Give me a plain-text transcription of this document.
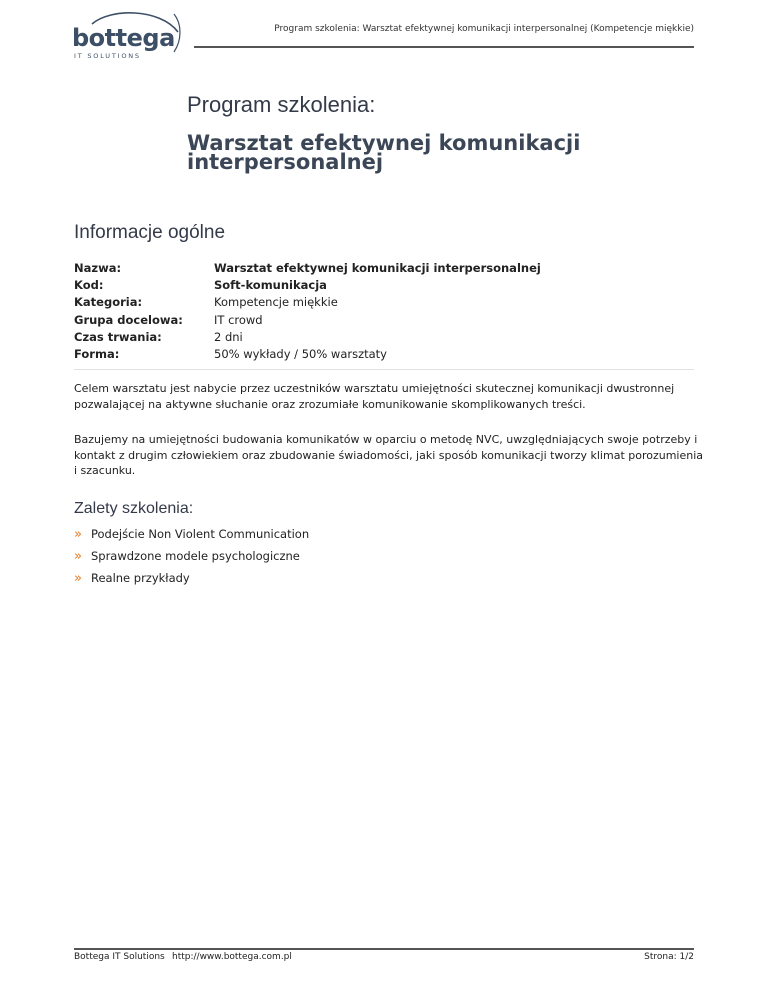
bottega
IT SOLUTIONS
Program szkolenia: Warsztat efektywnej komunikacji interpersonalnej (Kompetencje miękkie)
Program szkolenia:
Warsztat efektywnej komunikacji interpersonalnej
Informacje ogólne
Nazwa:	Warsztat efektywnej komunikacji interpersonalnej
Kod:	Soft-komunikacja
Kategoria:	Kompetencje miękkie
Grupa docelowa:	IT crowd
Czas trwania:	2 dni
Forma:	50% wykłady / 50% warsztaty
Celem warsztatu jest nabycie przez uczestników warsztatu umiejętności skutecznej komunikacji dwustronnej pozwalającej na aktywne słuchanie oraz zrozumiałe komunikowanie skomplikowanych treści.
Bazujemy na umiejętności budowania komunikatów w oparciu o metodę NVC, uwzględniających swoje potrzeby i kontakt z drugim człowiekiem oraz zbudowanie świadomości, jaki sposób komunikacji tworzy klimat porozumienia i szacunku.
Zalety szkolenia:
» Podejście Non Violent Communication
» Sprawdzone modele psychologiczne
» Realne przykłady
Bottega IT Solutions http://www.bottega.com.pl	Strona: 1/2
